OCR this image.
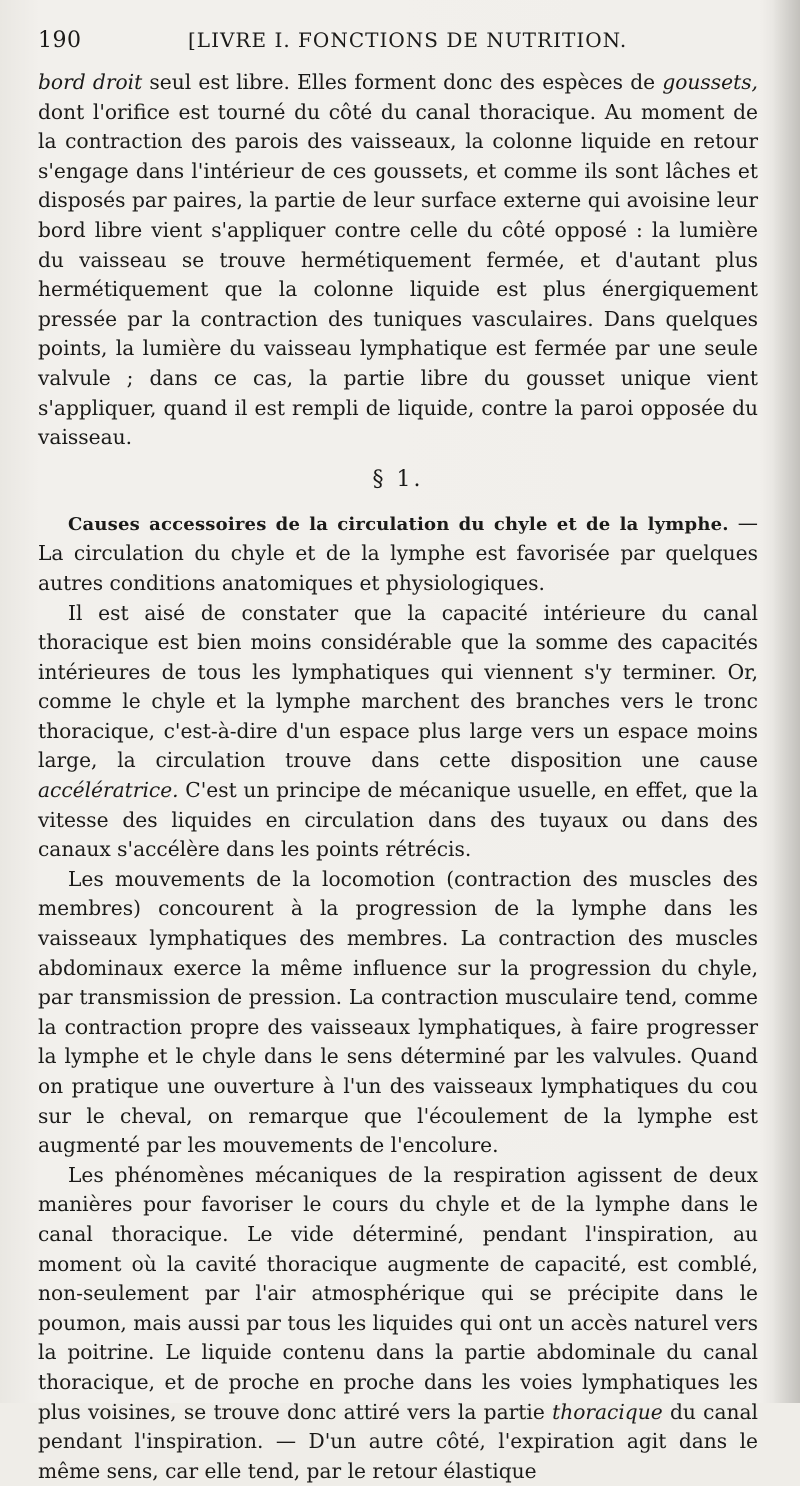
190	[LIVRE I. FONCTIONS DE NUTRITION.

bord droit seul est libre. Elles forment donc des espèces de goussets, dont l'orifice est tourné du côté du canal thoracique. Au moment de la contraction des parois des vaisseaux, la colonne liquide en retour s'engage dans l'intérieur de ces goussets, et comme ils sont lâches et disposés par paires, la partie de leur surface externe qui avoisine leur bord libre vient s'appliquer contre celle du côté opposé : la lumière du vaisseau se trouve hermétiquement fermée, et d'autant plus hermétiquement que la colonne liquide est plus énergiquement pressée par la contraction des tuniques vasculaires. Dans quelques points, la lumière du vaisseau lymphatique est fermée par une seule valvule ; dans ce cas, la partie libre du gousset unique vient s'appliquer, quand il est rempli de liquide, contre la paroi opposée du vaisseau.

§ 1.

Causes accessoires de la circulation du chyle et de la lymphe. — La circulation du chyle et de la lymphe est favorisée par quelques autres conditions anatomiques et physiologiques.

Il est aisé de constater que la capacité intérieure du canal thoracique est bien moins considérable que la somme des capacités intérieures de tous les lymphatiques qui viennent s'y terminer. Or, comme le chyle et la lymphe marchent des branches vers le tronc thoracique, c'est-à-dire d'un espace plus large vers un espace moins large, la circulation trouve dans cette disposition une cause accélératrice. C'est un principe de mécanique usuelle, en effet, que la vitesse des liquides en circulation dans des tuyaux ou dans des canaux s'accélère dans les points rétrécis.

Les mouvements de la locomotion (contraction des muscles des membres) concourent à la progression de la lymphe dans les vaisseaux lymphatiques des membres. La contraction des muscles abdominaux exerce la même influence sur la progression du chyle, par transmission de pression. La contraction musculaire tend, comme la contraction propre des vaisseaux lymphatiques, à faire progresser la lymphe et le chyle dans le sens déterminé par les valvules. Quand on pratique une ouverture à l'un des vaisseaux lymphatiques du cou sur le cheval, on remarque que l'écoulement de la lymphe est augmenté par les mouvements de l'encolure.

Les phénomènes mécaniques de la respiration agissent de deux manières pour favoriser le cours du chyle et de la lymphe dans le canal thoracique. Le vide déterminé, pendant l'inspiration, au moment où la cavité thoracique augmente de capacité, est comblé, non-seulement par l'air atmosphérique qui se précipite dans le poumon, mais aussi par tous les liquides qui ont un accès naturel vers la poitrine. Le liquide contenu dans la partie abdominale du canal thoracique, et de proche en proche dans les voies lymphatiques les plus voisines, se trouve donc attiré vers la partie thoracique du canal pendant l'inspiration. — D'un autre côté, l'expiration agit dans le même sens, car elle tend, par le retour élastique
